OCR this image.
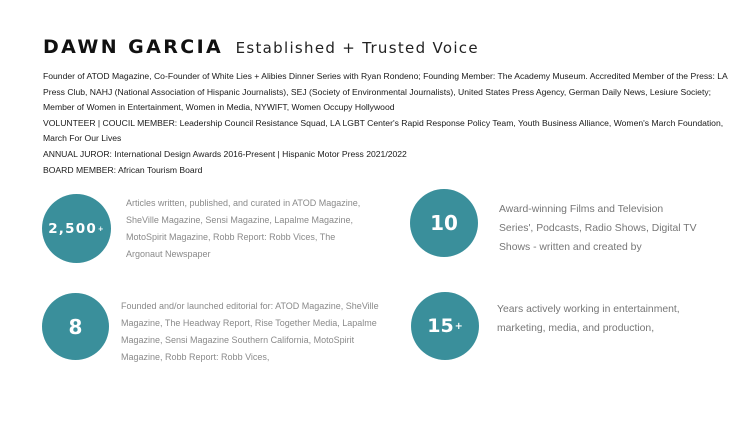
DAWN GARCIA Established + Trusted Voice

Founder of ATOD Magazine, Co-Founder of White Lies + Alibies Dinner Series with Ryan Rondeno; Founding Member: The Academy Museum. Accredited Member of the Press: LA Press Club, NAHJ (National Association of Hispanic Journalists), SEJ (Society of Environmental Journalists), United States Press Agency, German Daily News, Lesiure Society; Member of Women in Entertainment, Women in Media, NYWIFT, Women Occupy Hollywood

VOLUNTEER | COUCIL MEMBER: Leadership Council Resistance Squad, LA LGBT Center's Rapid Response Policy Team, Youth Business Alliance, Women's March Foundation, March For Our Lives

ANNUAL JUROR: International Design Awards 2016-Present | Hispanic Motor Press 2021/2022

BOARD MEMBER: African Tourism Board

2,500 +
Articles written, published, and curated in ATOD Magazine, SheVille Magazine, Sensi Magazine, Lapalme Magazine, MotoSpirit Magazine, Robb Report: Robb Vices, The Argonaut Newspaper
10
Award-winning Films and Television Series', Podcasts, Radio Shows, Digital TV Shows - written and created by
8
Founded and/or launched editorial for: ATOD Magazine, SheVille Magazine, The Headway Report, Rise Together Media, Lapalme Magazine, Sensi Magazine Southern California, MotoSpirit Magazine, Robb Report: Robb Vices,
15 +
Years actively working in entertainment, marketing, media, and production,
